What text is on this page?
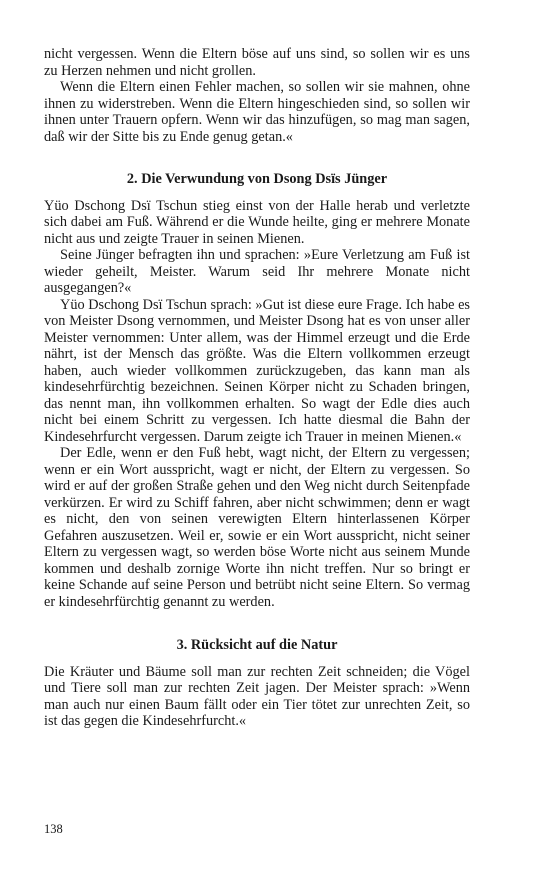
nicht vergessen. Wenn die Eltern böse auf uns sind, so sollen wir es uns zu Herzen nehmen und nicht grollen.

Wenn die Eltern einen Fehler machen, so sollen wir sie mahnen, ohne ihnen zu widerstreben. Wenn die Eltern hingeschieden sind, so sollen wir ihnen unter Trauern opfern. Wenn wir das hinzufügen, so mag man sagen, daß wir der Sitte bis zu Ende genug getan.«

2. Die Verwundung von Dsong Dsïs Jünger

Yüo Dschong Dsï Tschun stieg einst von der Halle herab und verletzte sich dabei am Fuß. Während er die Wunde heilte, ging er mehrere Monate nicht aus und zeigte Trauer in seinen Mienen.

Seine Jünger befragten ihn und sprachen: »Eure Verletzung am Fuß ist wieder geheilt, Meister. Warum seid Ihr mehrere Monate nicht ausgegangen?«

Yüo Dschong Dsï Tschun sprach: »Gut ist diese eure Frage. Ich habe es von Meister Dsong vernommen, und Meister Dsong hat es von unser aller Meister vernommen: Unter allem, was der Himmel erzeugt und die Erde nährt, ist der Mensch das größte. Was die Eltern vollkommen erzeugt haben, auch wieder vollkommen zurückzugeben, das kann man als kindesehrfürchtig bezeichnen. Seinen Körper nicht zu Schaden bringen, das nennt man, ihn vollkommen erhalten. So wagt der Edle dies auch nicht bei einem Schritt zu vergessen. Ich hatte diesmal die Bahn der Kindesehrfurcht vergessen. Darum zeigte ich Trauer in meinen Mienen.«

Der Edle, wenn er den Fuß hebt, wagt nicht, der Eltern zu vergessen; wenn er ein Wort ausspricht, wagt er nicht, der Eltern zu vergessen. So wird er auf der großen Straße gehen und den Weg nicht durch Seitenpfade verkürzen. Er wird zu Schiff fahren, aber nicht schwimmen; denn er wagt es nicht, den von seinen verewigten Eltern hinterlassenen Körper Gefahren auszusetzen. Weil er, sowie er ein Wort ausspricht, nicht seiner Eltern zu vergessen wagt, so werden böse Worte nicht aus seinem Munde kommen und deshalb zornige Worte ihn nicht treffen. Nur so bringt er keine Schande auf seine Person und betrübt nicht seine Eltern. So vermag er kindesehrfürchtig genannt zu werden.

3. Rücksicht auf die Natur

Die Kräuter und Bäume soll man zur rechten Zeit schneiden; die Vögel und Tiere soll man zur rechten Zeit jagen. Der Meister sprach: »Wenn man auch nur einen Baum fällt oder ein Tier tötet zur unrechten Zeit, so ist das gegen die Kindesehrfurcht.«

138
